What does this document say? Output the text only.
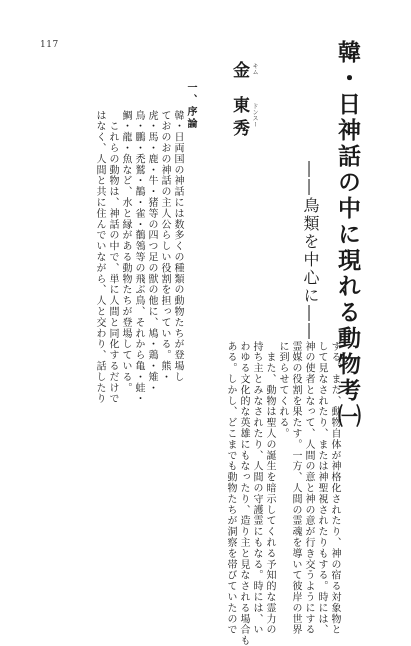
117	韓・日神話の中に現れる動物考㈠
――鳥類を中心に――
キム
ドンスー
金 東秀
一、序論
韓・日両国の神話には数多くの種類の動物たちが登場し
ておのおの神話の主人公らしい役割を担っている。熊・
虎・馬・鹿・牛・猪等の四つ足の獣の他に、鳩・鶏・雉・
鳥・鵬・禿鷲・鵲・雀・鶺鴒等の飛ぶ鳥、それから亀・蛙・
鯛・龍・魚など、水と縁がある動物たちが登場している。
　これらの動物は、神話の中で、単に人間と同化するだけで
はなく、人間と共に住んでいながら、人と交わり、話したり
する。また、動物自体が神格化されたり、神の宿る対象物と
して見なされたり、または神聖視されたりもする。時には、
神の使者となって、人間の意と神の意が行き交うようにする
霊媒の役割を果たす。一方、人間の霊魂を導いて彼岸の世界
に到らせてくれる。
　また、動物は聖人の誕生を暗示してくれる予知的な霊力の
持ち主とみなされたり、人間の守護霊にもなる。時には、い
わゆる文化的な英雄にもなったり、造り主と見なされる場合も
ある。しかし、どこまでも動物たちが洞察を帯びていたので
